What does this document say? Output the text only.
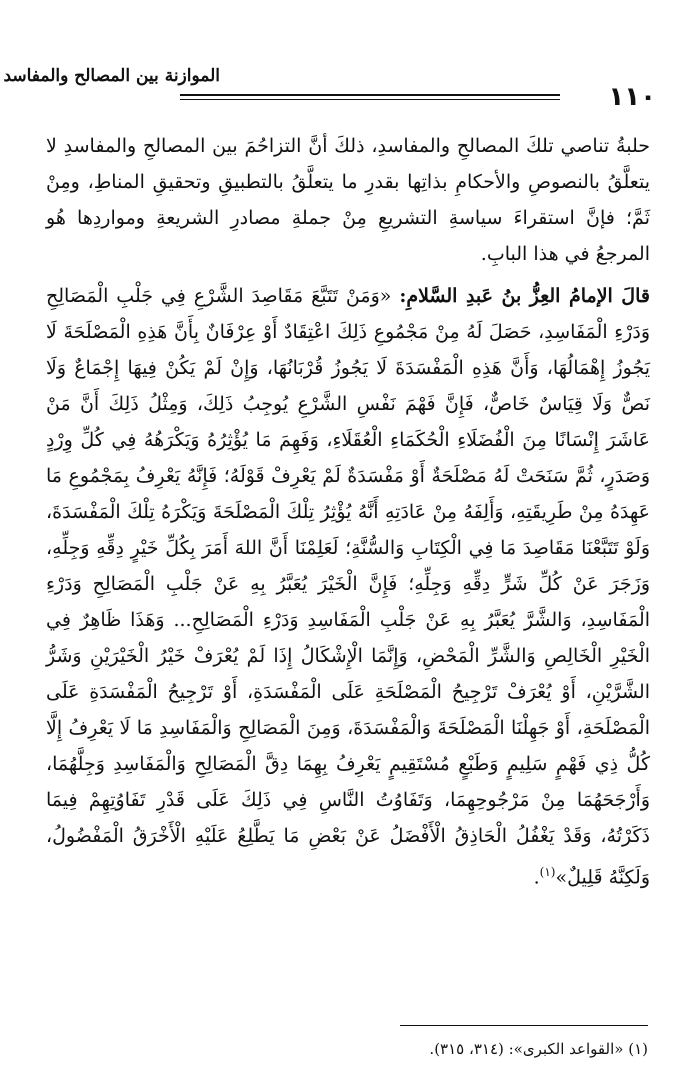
الموازنة بين المصالح والمفاسد
١١٠

حلبةُ تناصي تلكَ المصالحِ والمفاسدِ، ذلكَ أنَّ التزاحُمَ بين المصالحِ والمفاسدِ لا يتعلَّقُ بالنصوصِ والأحكامِ بذاتِها بقدرِ ما يتعلَّقُ بالتطبيقِ وتحقيقِ المناطِ، ومِنْ ثَمَّ؛ فإنَّ استقراءَ سياسةِ التشريعِ مِنْ جملةِ مصادرِ الشريعةِ ومواردِها هُو المرجعُ في هذا البابِ.

قالَ الإمامُ العِزُّ بنُ عَبدِ السَّلامِ: «وَمَنْ تَتَبَّعَ مَقَاصِدَ الشَّرْعِ فِي جَلْبِ الْمَصَالِحِ وَدَرْءِ الْمَفَاسِدِ، حَصَلَ لَهُ مِنْ مَجْمُوعِ ذَلِكَ اعْتِقَادٌ أَوْ عِرْفَانٌ بِأَنَّ هَذِهِ الْمَصْلَحَةَ لَا يَجُوزُ إِهْمَالُهَا، وَأَنَّ هَذِهِ الْمَفْسَدَةَ لَا يَجُوزُ قُرْبَانُهَا، وَإِنْ لَمْ يَكُنْ فِيهَا إِجْمَاعٌ وَلَا نَصٌّ وَلَا قِيَاسٌ خَاصٌّ، فَإِنَّ فَهْمَ نَفْسِ الشَّرْعِ يُوجِبُ ذَلِكَ، وَمِثْلُ ذَلِكَ أَنَّ مَنْ عَاشَرَ إِنْسَانًا مِنَ الْفُضَلَاءِ الْحُكَمَاءِ الْعُقَلَاءِ، وَفَهِمَ مَا يُؤْثِرُهُ وَيَكْرَهُهُ فِي كُلِّ وِرْدٍ وَصَدَرٍ، ثُمَّ سَنَحَتْ لَهُ مَصْلَحَةٌ أَوْ مَفْسَدَةٌ لَمْ يَعْرِفْ قَوْلَهُ؛ فَإِنَّهُ يَعْرِفُ بِمَجْمُوعِ مَا عَهِدَهُ مِنْ طَرِيقَتِهِ، وَأَلِفَهُ مِنْ عَادَتِهِ أَنَّهُ يُؤْثِرُ تِلْكَ الْمَصْلَحَةَ وَيَكْرَهُ تِلْكَ الْمَفْسَدَةَ، وَلَوْ تَتَبَّعْنَا مَقَاصِدَ مَا فِي الْكِتَابِ وَالسُّنَّةِ؛ لَعَلِمْنَا أَنَّ اللهَ أَمَرَ بِكُلِّ خَيْرٍ دِقِّهِ وَجِلِّهِ، وَزَجَرَ عَنْ كُلِّ شَرٍّ دِقِّهِ وَجِلِّهِ؛ فَإِنَّ الْخَيْرَ يُعَبَّرُ بِهِ عَنْ جَلْبِ الْمَصَالِحِ وَدَرْءِ الْمَفَاسِدِ، وَالشَّرَّ يُعَبَّرُ بِهِ عَنْ جَلْبِ الْمَفَاسِدِ وَدَرْءِ الْمَصَالِحِ... وَهَذَا ظَاهِرٌ فِي الْخَيْرِ الْخَالِصِ وَالشَّرِّ الْمَحْضِ، وَإِنَّمَا الْإِشْكَالُ إِذَا لَمْ يُعْرَفْ خَيْرُ الْخَيْرَيْنِ وَشَرُّ الشَّرَّيْنِ، أَوْ يُعْرَفْ تَرْجِيحُ الْمَصْلَحَةِ عَلَى الْمَفْسَدَةِ، أَوْ تَرْجِيحُ الْمَفْسَدَةِ عَلَى الْمَصْلَحَةِ، أَوْ جَهِلْنَا الْمَصْلَحَةَ وَالْمَفْسَدَةَ، وَمِنَ الْمَصَالِحِ وَالْمَفَاسِدِ مَا لَا يَعْرِفُ إِلَّا كُلُّ ذِي فَهْمٍ سَلِيمٍ وَطَبْعٍ مُسْتَقِيمٍ يَعْرِفُ بِهِمَا دِقَّ الْمَصَالِحِ وَالْمَفَاسِدِ وَجِلَّهُمَا، وَأَرْجَحَهُمَا مِنْ مَرْجُوحِهِمَا، وَتَفَاوُتُ النَّاسِ فِي ذَلِكَ عَلَى قَدْرِ تَفَاوُتِهِمْ فِيمَا ذَكَرْتُهُ، وَقَدْ يَغْفُلُ الْحَاذِقُ الْأَفْضَلُ عَنْ بَعْضِ مَا يَطَّلِعُ عَلَيْهِ الْأَخْرَقُ الْمَفْضُولُ، وَلَكِنَّهُ قَلِيلٌ»$^{(١)}$.

(١) «القواعد الكبرى»: (٣١٤، ٣١٥).
